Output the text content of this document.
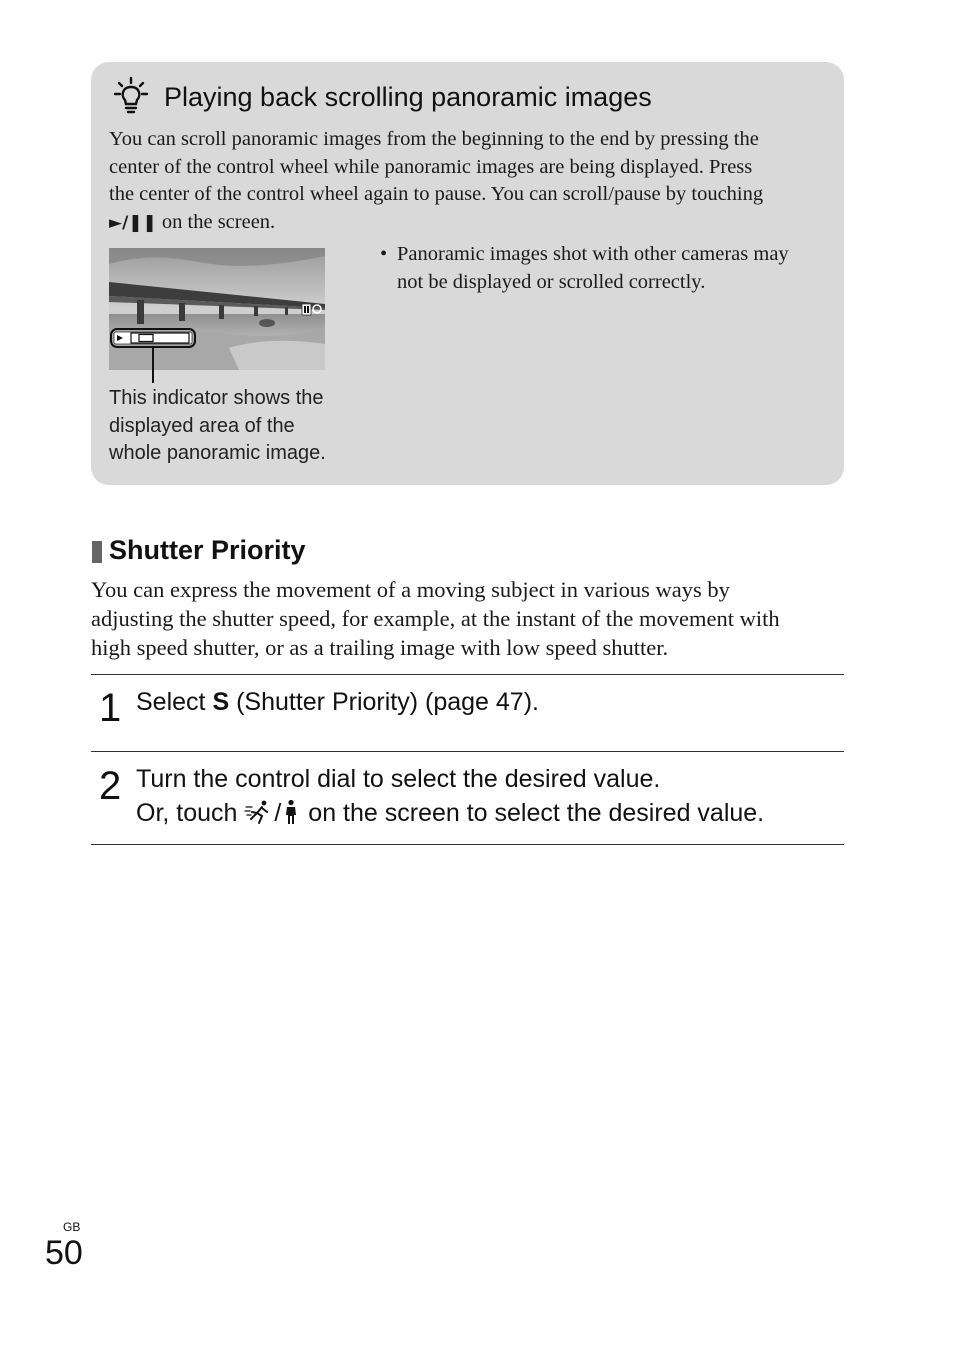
Playing back scrolling panoramic images
You can scroll panoramic images from the beginning to the end by pressing the
center of the control wheel while panoramic images are being displayed. Press
the center of the control wheel again to pause. You can scroll/pause by touching
►/❚❚ on the screen.
This indicator shows the
displayed area of the
whole panoramic image.
• Panoramic images shot with other cameras may
not be displayed or scrolled correctly.
Shutter Priority
You can express the movement of a moving subject in various ways by
adjusting the shutter speed, for example, at the instant of the movement with
high speed shutter, or as a trailing image with low speed shutter.
1 Select S (Shutter Priority) (page 47).
2 Turn the control dial to select the desired value.
Or, touch / on the screen to select the desired value.
GB
50
